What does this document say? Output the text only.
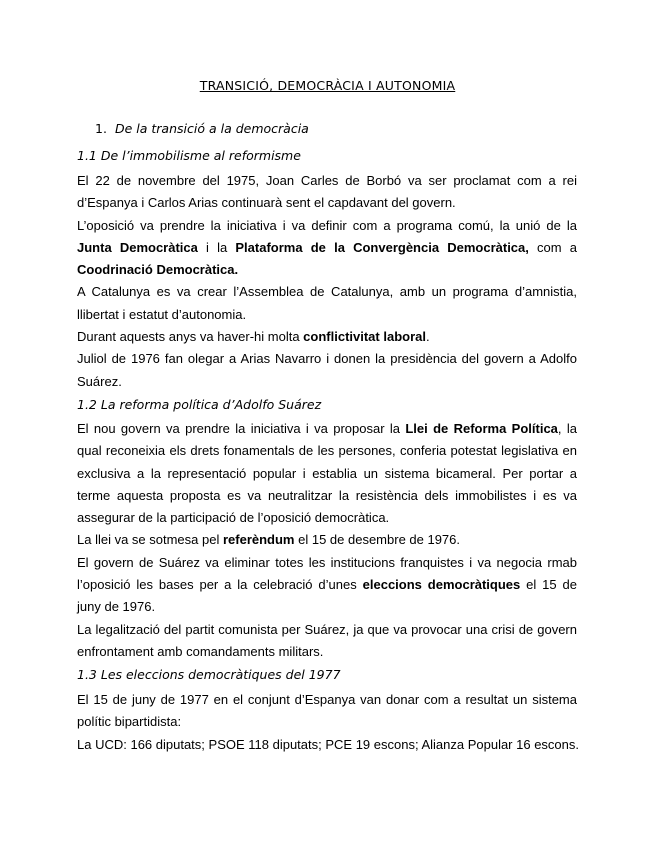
TRANSICIÓ, DEMOCRÀCIA I AUTONOMIA
1. De la transició a la democràcia
1.1 De l’immobilisme al reformisme

El 22 de novembre del 1975, Joan Carles de Borbó va ser proclamat com a rei d’Espanya i Carlos Arias continuarà sent el capdavant del govern.

L’oposició va prendre la iniciativa i va definir com a programa comú, la unió de la Junta Democràtica i la Plataforma de la Convergència Democràtica, com a Coodrinació Democràtica.

A Catalunya es va crear l’Assemblea de Catalunya, amb un programa d’amnistia, llibertat i estatut d’autonomia.

Durant aquests anys va haver-hi molta conflictivitat laboral.

Juliol de 1976 fan olegar a Arias Navarro i donen la presidència del govern a Adolfo Suárez.

1.2 La reforma política d’Adolfo Suárez

El nou govern va prendre la iniciativa i va proposar la Llei de Reforma Política, la qual reconeixia els drets fonamentals de les persones, conferia potestat legislativa en exclusiva a la representació popular i establia un sistema bicameral. Per portar a terme aquesta proposta es va neutralitzar la resistència dels immobilistes i es va assegurar de la participació de l’oposició democràtica.

La llei va se sotmesa pel referèndum el 15 de desembre de 1976.

El govern de Suárez va eliminar totes les institucions franquistes i va negocia rmab l’oposició les bases per a la celebració d’unes eleccions democràtiques el 15 de juny de 1976.

La legalització del partit comunista per Suárez, ja que va provocar una crisi de govern enfrontament amb comandaments militars.

1.3 Les eleccions democràtiques del 1977

El 15 de juny de 1977 en el conjunt d’Espanya van donar com a resultat un sistema polític bipartidista:

La UCD: 166 diputats; PSOE 118 diputats; PCE 19 escons; Alianza Popular 16 escons.
